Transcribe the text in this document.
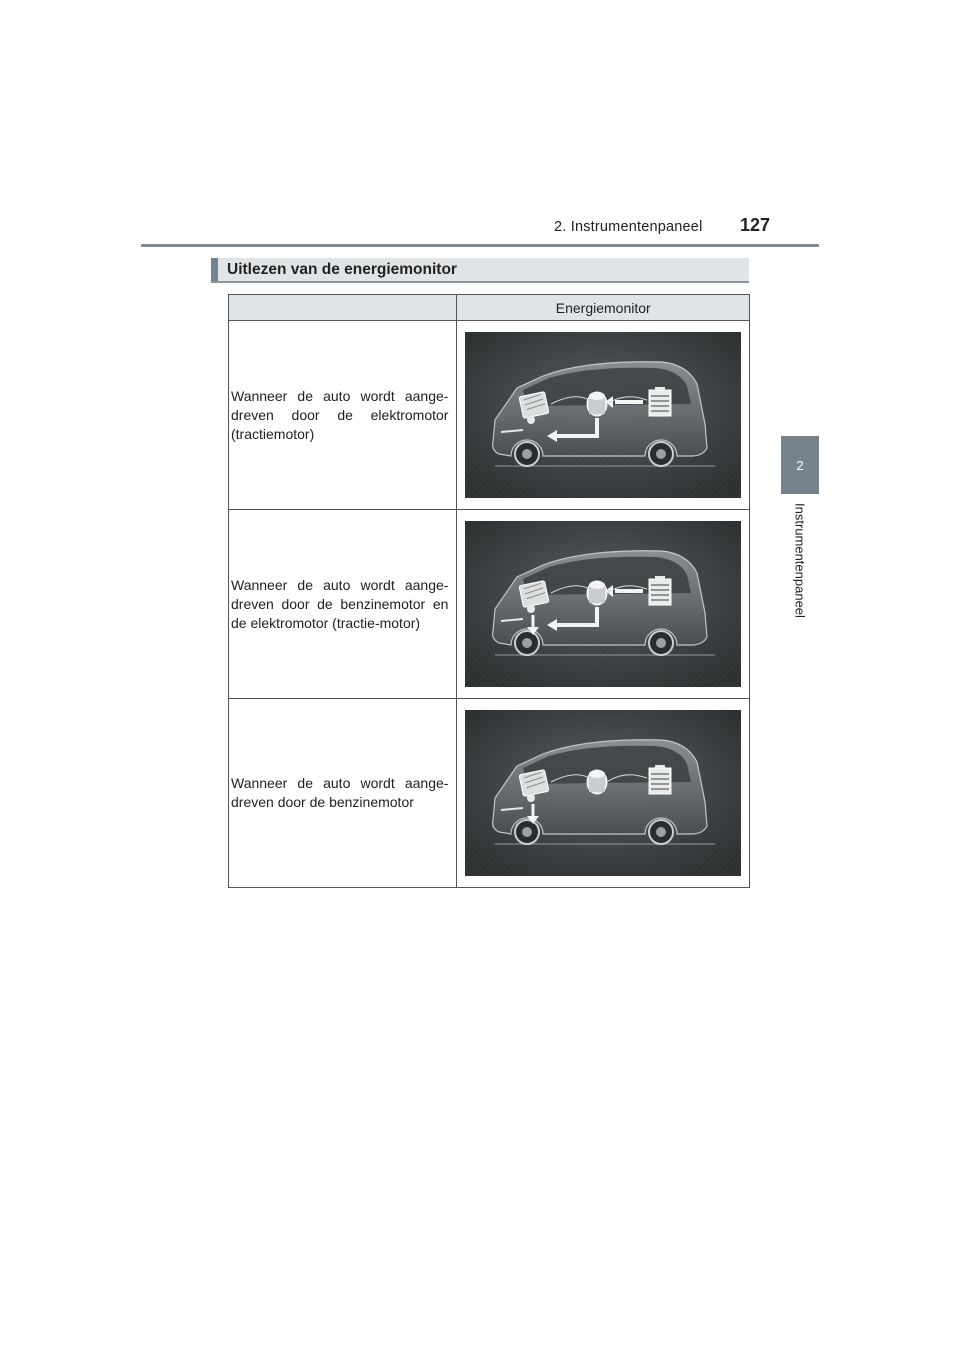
2. Instrumentenpaneel 127
2
Instrumentenpaneel
Uitlezen van de energiemonitor
	Energiemonitor
Wanneer de auto wordt aange-dreven door de elektromotor (tractiemotor)	

Wanneer de auto wordt aange-dreven door de benzinemotor en de elektromotor (tractie-motor)	

Wanneer de auto wordt aange-dreven door de benzinemotor	
